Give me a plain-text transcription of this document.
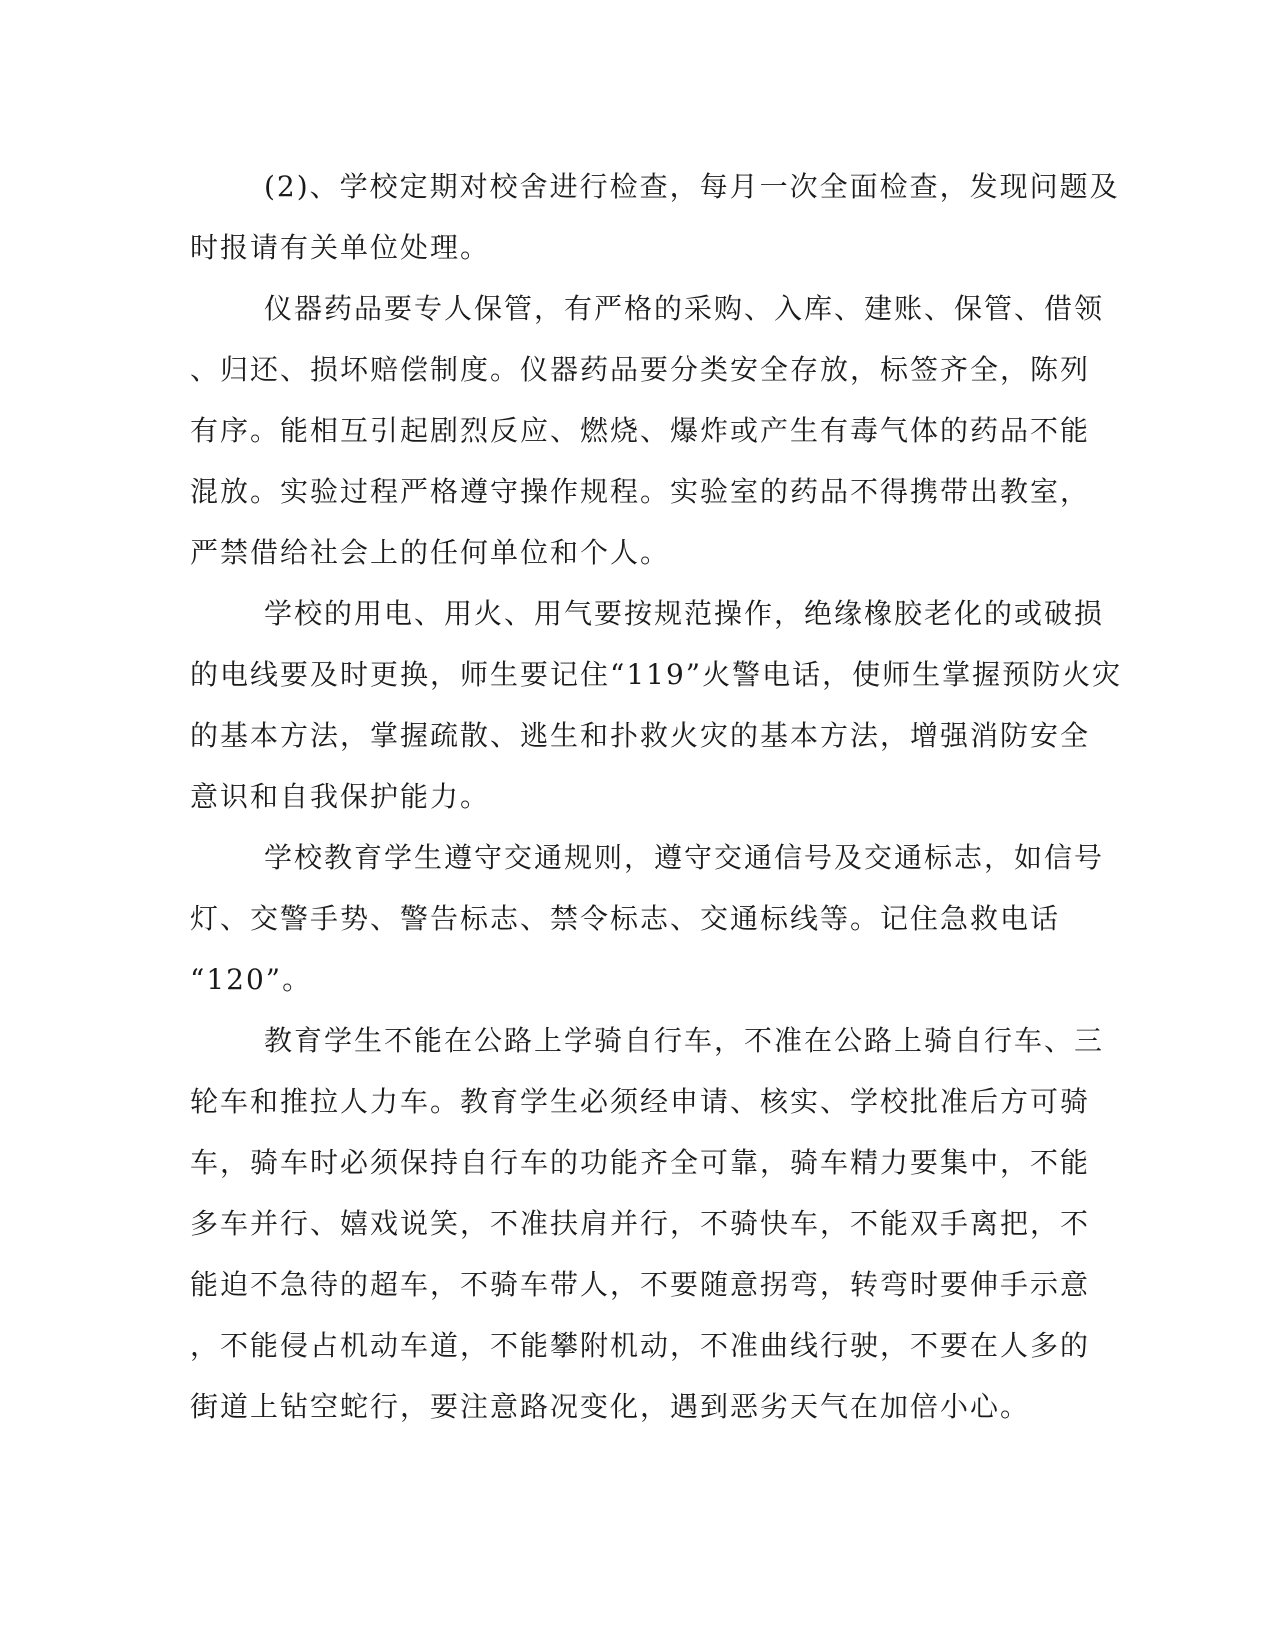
(2)、学校定期对校舍进行检查，每月一次全面检查，发现问题及
时报请有关单位处理。

仪器药品要专人保管，有严格的采购、入库、建账、保管、借领
、归还、损坏赔偿制度。仪器药品要分类安全存放，标签齐全，陈列
有序。能相互引起剧烈反应、燃烧、爆炸或产生有毒气体的药品不能
混放。实验过程严格遵守操作规程。实验室的药品不得携带出教室，
严禁借给社会上的任何单位和个人。

学校的用电、用火、用气要按规范操作，绝缘橡胶老化的或破损
的电线要及时更换，师生要记住“119”火警电话，使师生掌握预防火灾
的基本方法，掌握疏散、逃生和扑救火灾的基本方法，增强消防安全
意识和自我保护能力。

学校教育学生遵守交通规则，遵守交通信号及交通标志，如信号
灯、交警手势、警告标志、禁令标志、交通标线等。记住急救电话
“120”。

教育学生不能在公路上学骑自行车，不准在公路上骑自行车、三
轮车和推拉人力车。教育学生必须经申请、核实、学校批准后方可骑
车，骑车时必须保持自行车的功能齐全可靠，骑车精力要集中，不能
多车并行、嬉戏说笑，不准扶肩并行，不骑快车，不能双手离把，不
能迫不急待的超车，不骑车带人，不要随意拐弯，转弯时要伸手示意
，不能侵占机动车道，不能攀附机动，不准曲线行驶，不要在人多的
街道上钻空蛇行，要注意路况变化，遇到恶劣天气在加倍小心。
